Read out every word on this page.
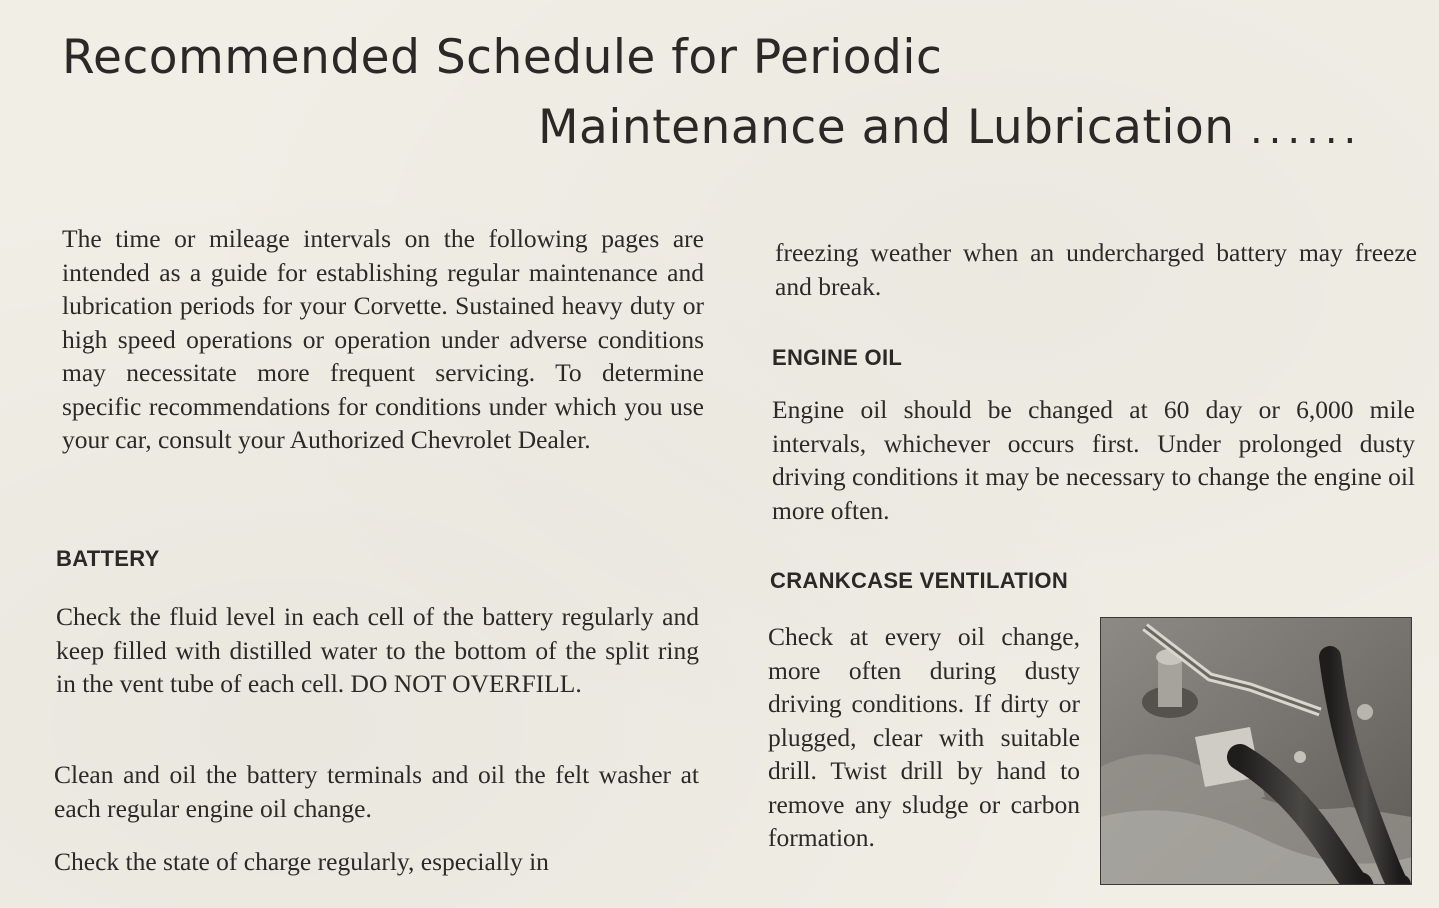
Recommended Schedule for Periodic
Maintenance and Lubrication ......

The time or mileage intervals on the following pages are intended as a guide for establishing regular maintenance and lubrication periods for your Corvette. Sustained heavy duty or high speed operations or operation under adverse conditions may necessitate more frequent servicing. To determine specific recommendations for conditions under which you use your car, consult your Authorized Chevrolet Dealer.

BATTERY

Check the fluid level in each cell of the battery regularly and keep filled with distilled water to the bottom of the split ring in the vent tube of each cell. DO NOT OVERFILL.

Clean and oil the battery terminals and oil the felt washer at each regular engine oil change.

Check the state of charge regularly, especially in

freezing weather when an undercharged battery may freeze and break.

ENGINE OIL

Engine oil should be changed at 60 day or 6,000 mile intervals, whichever occurs first. Under prolonged dusty driving conditions it may be necessary to change the engine oil more often.

CRANKCASE VENTILATION

Check at every oil change, more often during dusty driving conditions. If dirty or plugged, clear with suitable drill. Twist drill by hand to remove any sludge or carbon formation.
